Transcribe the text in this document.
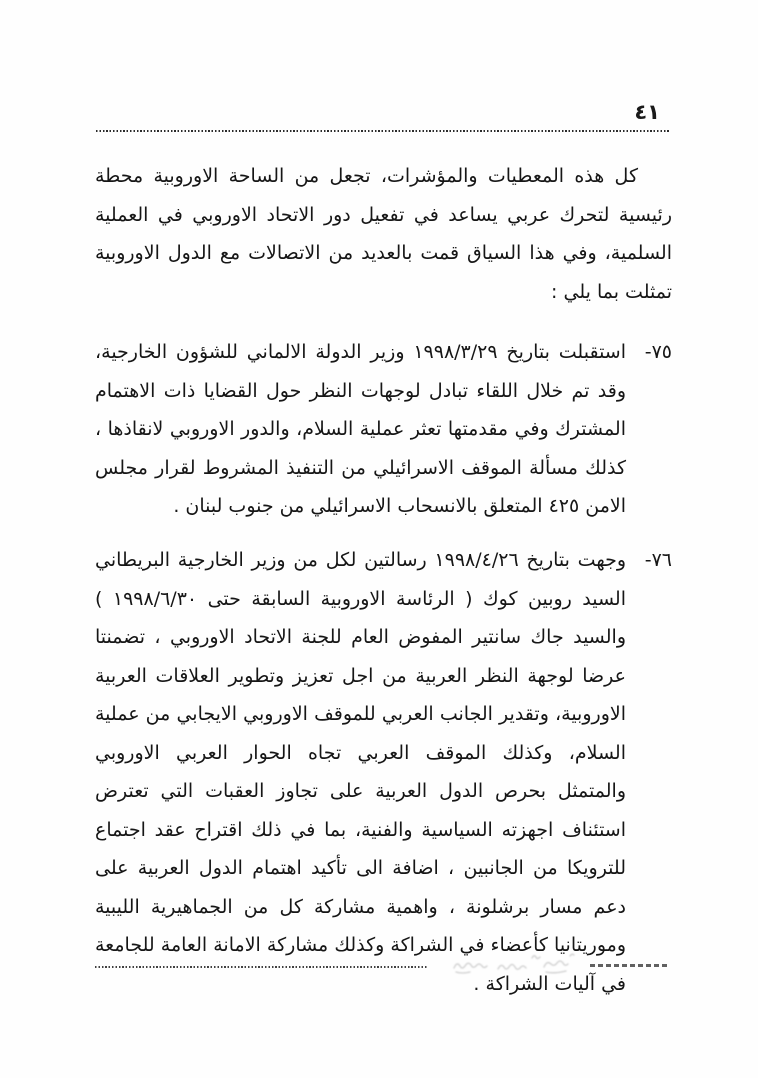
٤١

كل هذه المعطيات والمؤشرات، تجعل من الساحة الاوروبية محطة رئيسية لتحرك عربي يساعد في تفعيل دور الاتحاد الاوروبي في العملية السلمية، وفي هذا السياق قمت بالعديد من الاتصالات مع الدول الاوروبية تمثلت بما يلي :

٧٥-
استقبلت بتاريخ ١٩٩٨/٣/٢٩ وزير الدولة الالماني للشؤون الخارجية، وقد تم خلال اللقاء تبادل لوجهات النظر حول القضايا ذات الاهتمام المشترك وفي مقدمتها تعثر عملية السلام، والدور الاوروبي لانقاذها ، كذلك مسألة الموقف الاسرائيلي من التنفيذ المشروط لقرار مجلس الامن ٤٢٥ المتعلق بالانسحاب الاسرائيلي من جنوب لبنان .
٧٦-
وجهت بتاريخ ١٩٩٨/٤/٢٦ رسالتين لكل من وزير الخارجية البريطاني السيد روبين كوك ( الرئاسة الاوروبية السابقة حتى ١٩٩٨/٦/٣٠ ) والسيد جاك سانتير المفوض العام للجنة الاتحاد الاوروبي ، تضمنتا عرضا لوجهة النظر العربية من اجل تعزيز وتطوير العلاقات العربية الاوروبية، وتقدير الجانب العربي للموقف الاوروبي الايجابي من عملية السلام، وكذلك الموقف العربي تجاه الحوار العربي الاوروبي والمتمثل بحرص الدول العربية على تجاوز العقبات التي تعترض استئناف اجهزته السياسية والفنية، بما في ذلك اقتراح عقد اجتماع للترويكا من الجانبين ، اضافة الى تأكيد اهتمام الدول العربية على دعم مسار برشلونة ، واهمية مشاركة كل من الجماهيرية الليبية وموريتانيا كأعضاء في الشراكة وكذلك مشاركة الامانة العامة للجامعة في آليات الشراكة .
